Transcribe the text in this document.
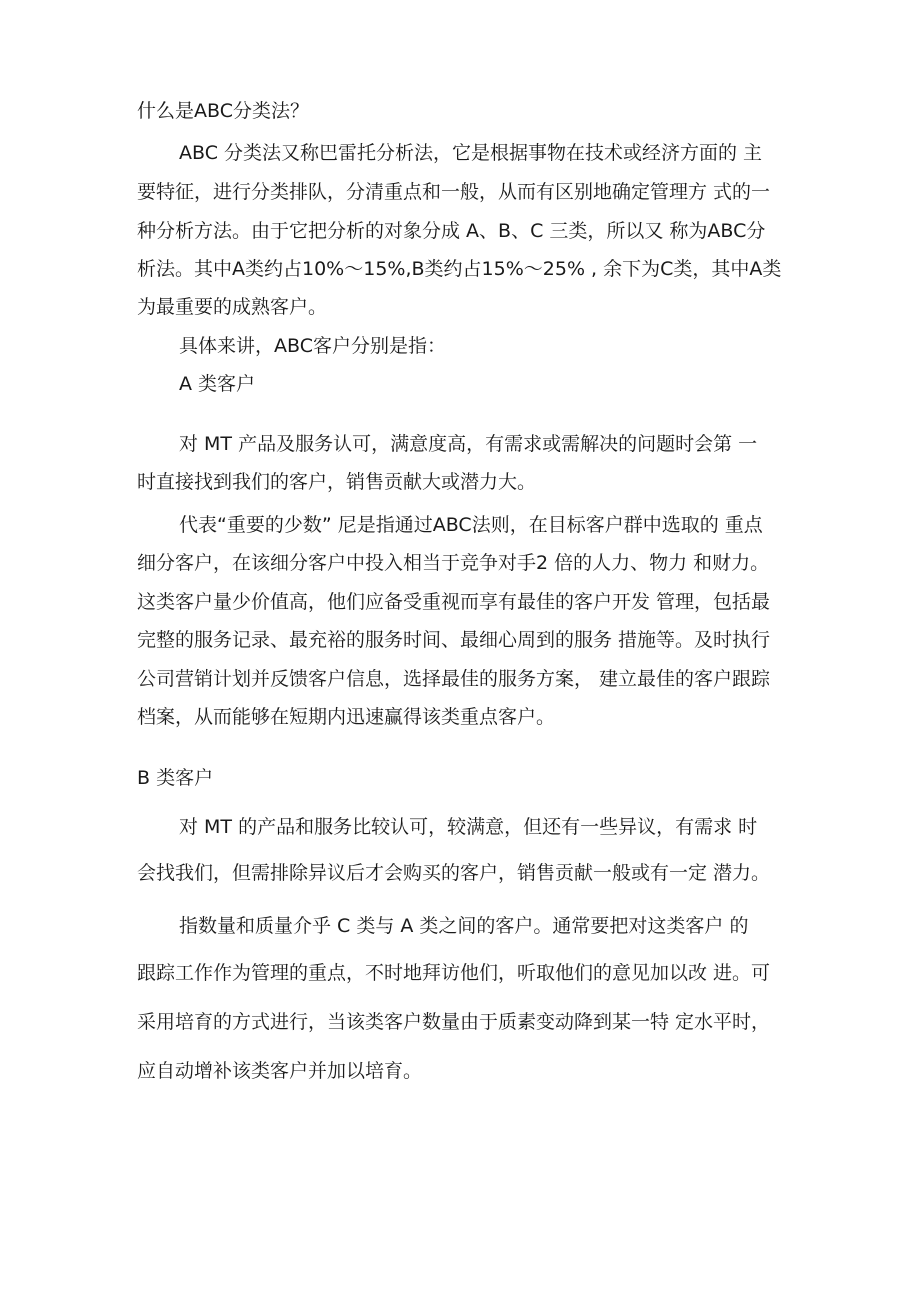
什么是ABC分类法？
ABC 分类法又称巴雷托分析法，它是根据事物在技术或经济方面的 主
要特征，进行分类排队，分清重点和一般，从而有区别地确定管理方 式的一
种分析方法。由于它把分析的对象分成 A、B、C 三类，所以又 称为ABC分
析法。其中A类约占10%〜15%,B类约占15%〜25% , 余下为C类，其中A类
为最重要的成熟客户。
具体来讲，ABC客户分别是指：
A 类客户
对 MT 产品及服务认可，满意度高，有需求或需解决的问题时会第 一
时直接找到我们的客户，销售贡献大或潜力大。
代表“重要的少数” 尼是指通过ABC法则，在目标客户群中选取的 重点
细分客户，在该细分客户中投入相当于竞争对手2 倍的人力、物力 和财力。
这类客户量少价值高，他们应备受重视而享有最佳的客户开发 管理，包括最
完整的服务记录、最充裕的服务时间、最细心周到的服务 措施等。及时执行
公司营销计划并反馈客户信息，选择最佳的服务方案， 建立最佳的客户跟踪
档案，从而能够在短期内迅速赢得该类重点客户。
B 类客户
对 MT 的产品和服务比较认可，较满意，但还有一些异议，有需求 时
会找我们，但需排除异议后才会购买的客户，销售贡献一般或有一定 潜力。
指数量和质量介乎 C 类与 A 类之间的客户。通常要把对这类客户 的
跟踪工作作为管理的重点，不时地拜访他们，听取他们的意见加以改 进。可
采用培育的方式进行，当该类客户数量由于质素变动降到某一特 定水平时，
应自动增补该类客户并加以培育。
